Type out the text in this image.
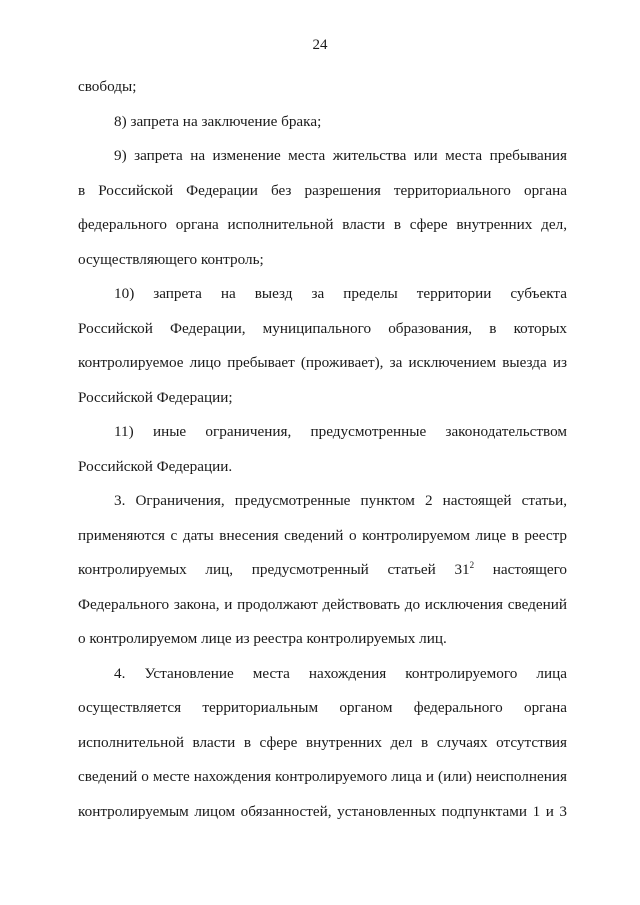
24
свободы;
8) запрета на заключение брака;
9) запрета на изменение места жительства или места пребывания
в Российской Федерации без разрешения территориального органа
федерального органа исполнительной власти в сфере внутренних дел,
осуществляющего контроль;
10) запрета на выезд за пределы территории субъекта
Российской Федерации, муниципального образования, в которых
контролируемое лицо пребывает (проживает), за исключением выезда из
Российской Федерации;
11) иные ограничения, предусмотренные законодательством
Российской Федерации.
3. Ограничения, предусмотренные пунктом 2 настоящей статьи,
применяются с даты внесения сведений о контролируемом лице в реестр
контролируемых лиц, предусмотренный статьей $31^2$ настоящего
Федерального закона, и продолжают действовать до исключения сведений
о контролируемом лице из реестра контролируемых лиц.
4. Установление места нахождения контролируемого лица
осуществляется территориальным органом федерального органа
исполнительной власти в сфере внутренних дел в случаях отсутствия
сведений о месте нахождения контролируемого лица и (или) неисполнения
контролируемым лицом обязанностей, установленных подпунктами 1 и 3
